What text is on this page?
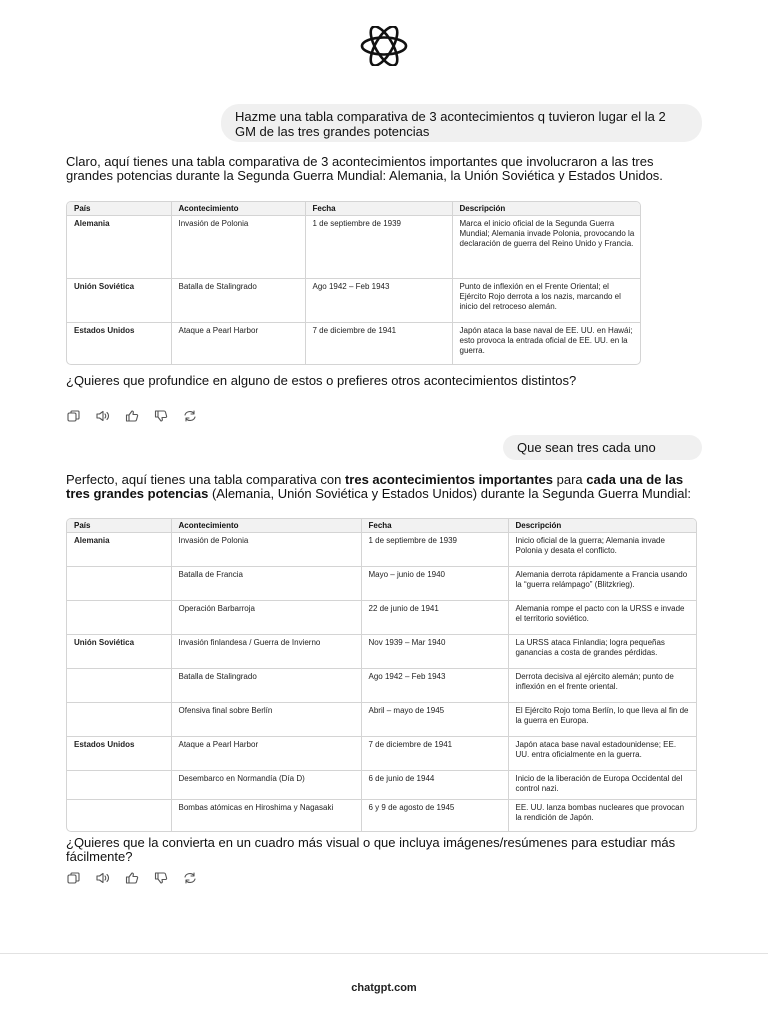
Hazme una tabla comparativa de 3 acontecimientos q tuvieron lugar el la 2 GM de las tres grandes potencias
Claro, aquí tienes una tabla comparativa de 3 acontecimientos importantes que involucraron a las tres grandes potencias durante la Segunda Guerra Mundial: Alemania, la Unión Soviética y Estados Unidos.
País	Acontecimiento	Fecha	Descripción
Alemania	Invasión de Polonia	1 de septiembre de 1939	Marca el inicio oficial de la Segunda Guerra Mundial; Alemania invade Polonia, provocando la declaración de guerra del Reino Unido y Francia.
Unión Soviética	Batalla de Stalingrado	Ago 1942 – Feb 1943	Punto de inflexión en el Frente Oriental; el Ejército Rojo derrota a los nazis, marcando el inicio del retroceso alemán.
Estados Unidos	Ataque a Pearl Harbor	7 de diciembre de 1941	Japón ataca la base naval de EE. UU. en Hawái; esto provoca la entrada oficial de EE. UU. en la guerra.
¿Quieres que profundice en alguno de estos o prefieres otros acontecimientos distintos?
Que sean tres cada uno
Perfecto, aquí tienes una tabla comparativa con tres acontecimientos importantes para cada una de las tres grandes potencias (Alemania, Unión Soviética y Estados Unidos) durante la Segunda Guerra Mundial:
País	Acontecimiento	Fecha	Descripción
Alemania	Invasión de Polonia	1 de septiembre de 1939	Inicio oficial de la guerra; Alemania invade Polonia y desata el conflicto.
	Batalla de Francia	Mayo – junio de 1940	Alemania derrota rápidamente a Francia usando la “guerra relámpago” (Blitzkrieg).
	Operación Barbarroja	22 de junio de 1941	Alemania rompe el pacto con la URSS e invade el territorio soviético.
Unión Soviética	Invasión finlandesa / Guerra de Invierno	Nov 1939 – Mar 1940	La URSS ataca Finlandia; logra pequeñas ganancias a costa de grandes pérdidas.
	Batalla de Stalingrado	Ago 1942 – Feb 1943	Derrota decisiva al ejército alemán; punto de inflexión en el frente oriental.
	Ofensiva final sobre Berlín	Abril – mayo de 1945	El Ejército Rojo toma Berlín, lo que lleva al fin de la guerra en Europa.
Estados Unidos	Ataque a Pearl Harbor	7 de diciembre de 1941	Japón ataca base naval estadounidense; EE. UU. entra oficialmente en la guerra.
	Desembarco en Normandía (Día D)	6 de junio de 1944	Inicio de la liberación de Europa Occidental del control nazi.
	Bombas atómicas en Hiroshima y Nagasaki	6 y 9 de agosto de 1945	EE. UU. lanza bombas nucleares que provocan la rendición de Japón.
¿Quieres que la convierta en un cuadro más visual o que incluya imágenes/resúmenes para estudiar más fácilmente?
chatgpt.com
